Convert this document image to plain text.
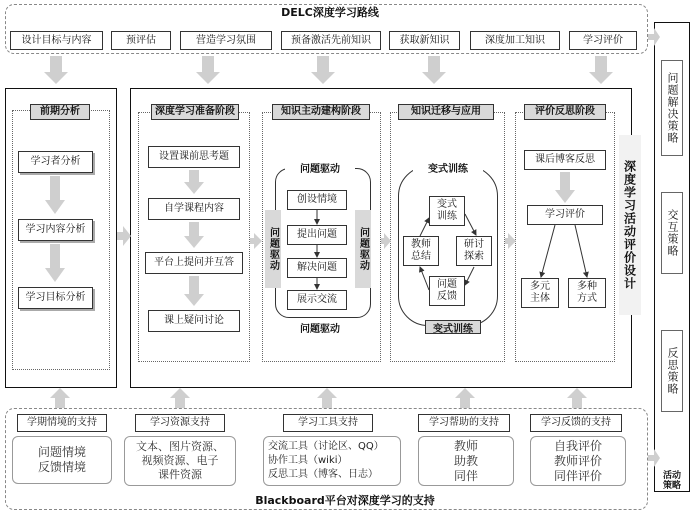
DELC深度学习路线
设计目标与内容	预评估	营造学习氛围	预备激活先前知识	获取新知识	深度加工知识	学习评价
前期分析
学习者分析
学习内容分析
学习目标分析
深度学习准备阶段
设置课前思考题
自学课程内容
平台上提问并互答
课上疑问讨论
知识主动建构阶段
问题驱动
问题驱动
问题驱动	问题驱动
创设情境
提出问题
解决问题
展示交流
知识迁移与应用
变式训练
变式训练
变式训练
教师总结
研讨探索
问题反馈
评价反思阶段
课后博客反思
学习评价
多元主体
多种方式
深度学习活动评价设计
问题解决策略
交互策略
反思策略
活动策略
学期情境的支持
问题情境
反馈情境
学习资源支持
文本、图片资源、
视频资源、电子
课件资源
学习工具支持
交流工具（讨论区、QQ）
协作工具（wiki）
反思工具（博客、日志）
学习帮助的支持
教师
助教
同伴
学习反馈的支持
自我评价
教师评价
同伴评价
Blackboard平台对深度学习的支持
